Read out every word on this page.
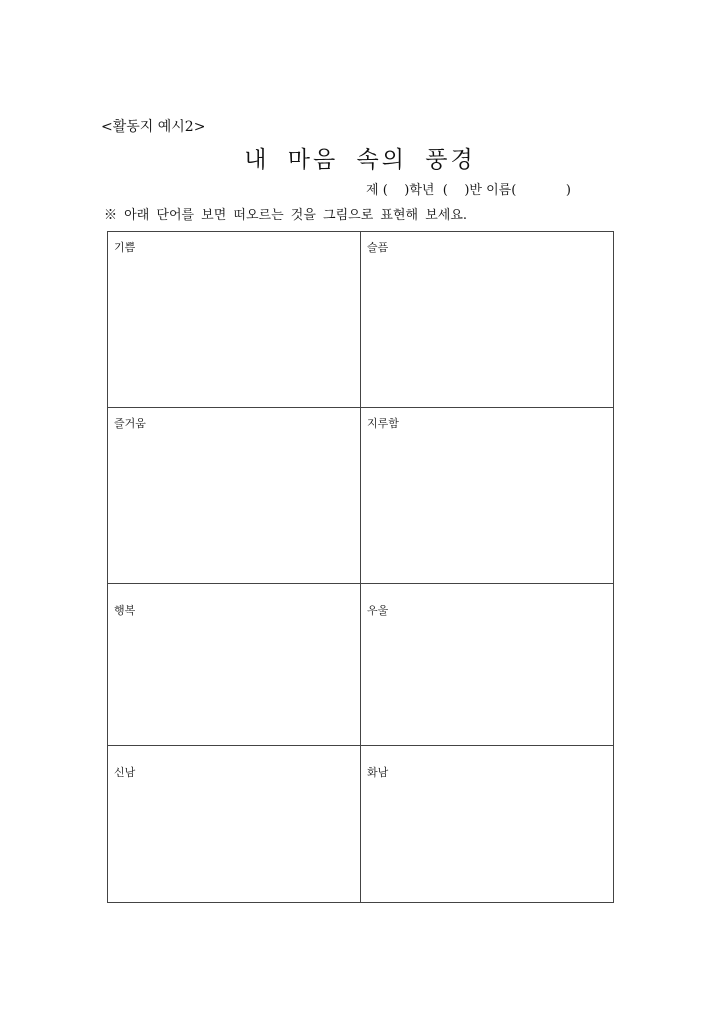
<활동지 예시2>
내 마음 속의 풍경
제 (    )학년  (    )반 이름(            )
※ 아래 단어를 보면 떠오르는 것을 그림으로 표현해 보세요.
기쁨	슬픔
즐거움	지루함
행복	우울
신남	화남
